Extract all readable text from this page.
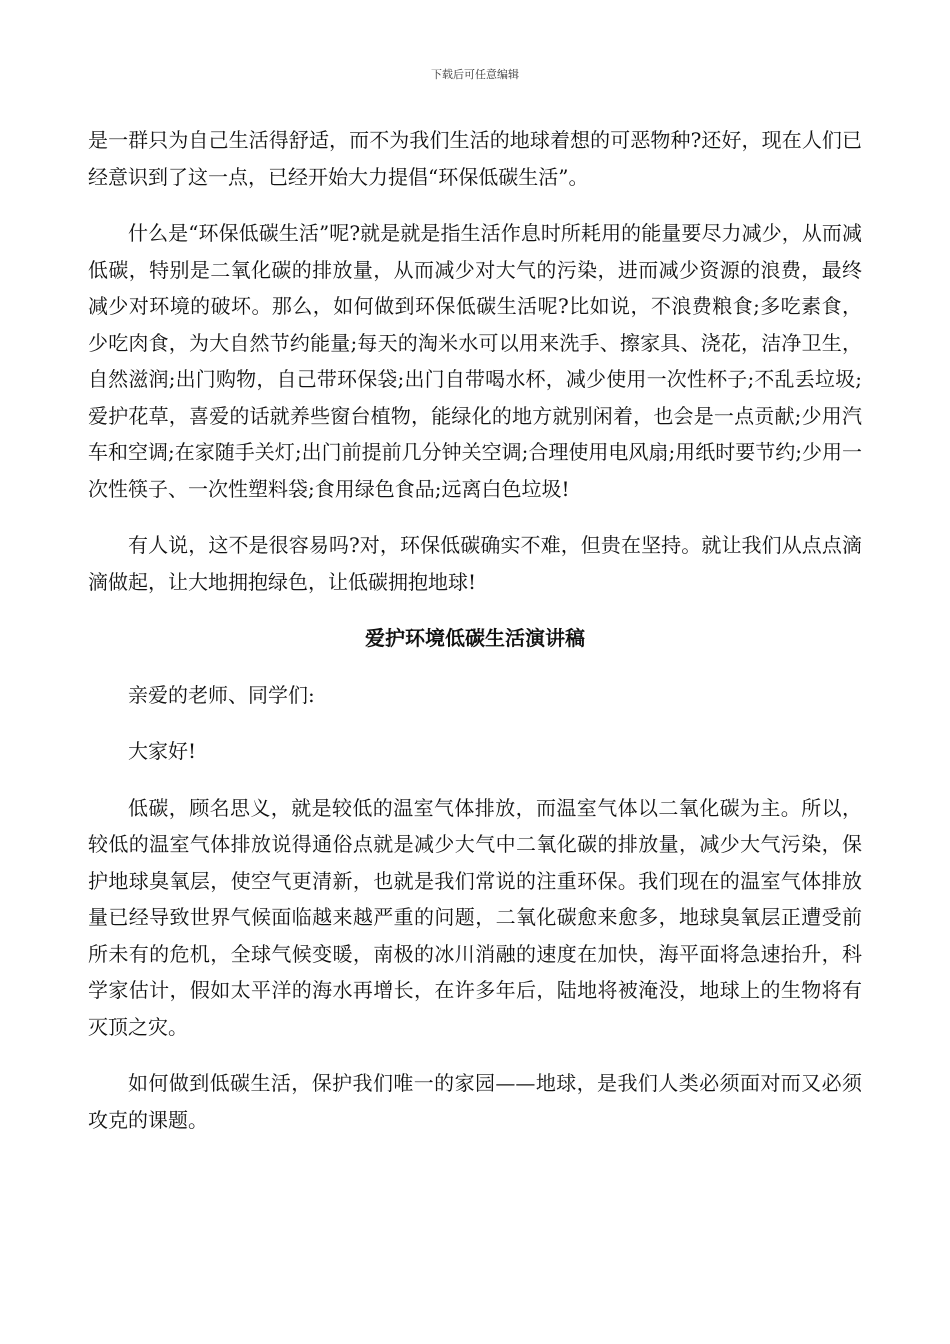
下载后可任意编辑

是一群只为自己生活得舒适，而不为我们生活的地球着想的可恶物种?还好，现在人们已经意识到了这一点，已经开始大力提倡“环保低碳生活”。

什么是“环保低碳生活”呢?就是就是指生活作息时所耗用的能量要尽力减少，从而减低碳，特别是二氧化碳的排放量，从而减少对大气的污染，进而减少资源的浪费，最终减少对环境的破坏。那么，如何做到环保低碳生活呢?比如说，不浪费粮食;多吃素食，少吃肉食，为大自然节约能量;每天的淘米水可以用来洗手、擦家具、浇花，洁净卫生，自然滋润;出门购物，自己带环保袋;出门自带喝水杯，减少使用一次性杯子;不乱丢垃圾;爱护花草，喜爱的话就养些窗台植物，能绿化的地方就别闲着，也会是一点贡献;少用汽车和空调;在家随手关灯;出门前提前几分钟关空调;合理使用电风扇;用纸时要节约;少用一次性筷子、一次性塑料袋;食用绿色食品;远离白色垃圾!

有人说，这不是很容易吗?对，环保低碳确实不难，但贵在坚持。就让我们从点点滴滴做起，让大地拥抱绿色，让低碳拥抱地球!

爱护环境低碳生活演讲稿

亲爱的老师、同学们:

大家好!

低碳，顾名思义，就是较低的温室气体排放，而温室气体以二氧化碳为主。所以，较低的温室气体排放说得通俗点就是减少大气中二氧化碳的排放量，减少大气污染，保护地球臭氧层，使空气更清新，也就是我们常说的注重环保。我们现在的温室气体排放量已经导致世界气候面临越来越严重的问题，二氧化碳愈来愈多，地球臭氧层正遭受前所未有的危机，全球气候变暖，南极的冰川消融的速度在加快，海平面将急速抬升，科学家估计，假如太平洋的海水再增长，在许多年后，陆地将被淹没，地球上的生物将有灭顶之灾。

如何做到低碳生活，保护我们唯一的家园——地球，是我们人类必须面对而又必须攻克的课题。
